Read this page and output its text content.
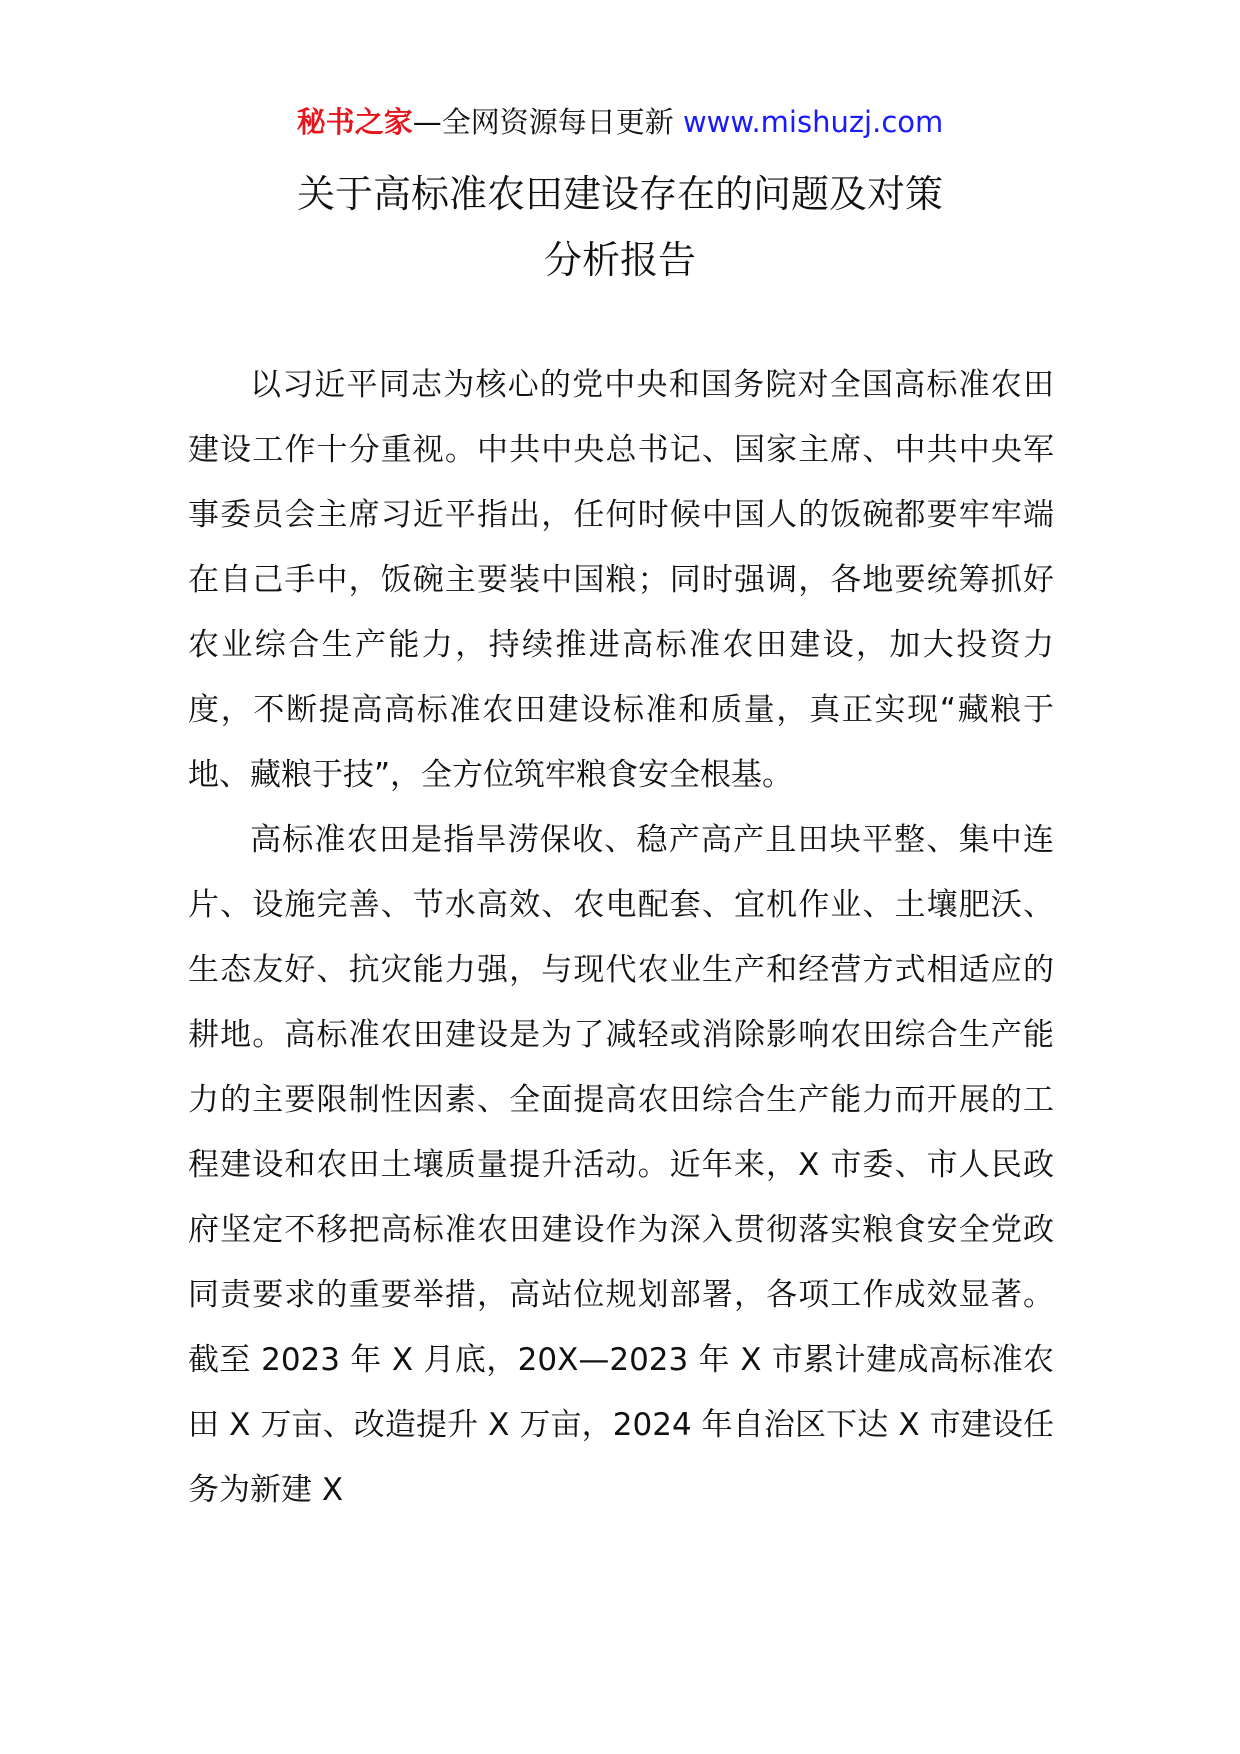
秘书之家—全网资源每日更新 www.mishuzj.com
关于高标准农田建设存在的问题及对策
分析报告

以习近平同志为核心的党中央和国务院对全国高标准农田建设工作十分重视。中共中央总书记、国家主席、中共中央军事委员会主席习近平指出，任何时候中国人的饭碗都要牢牢端在自己手中，饭碗主要装中国粮；同时强调，各地要统筹抓好农业综合生产能力，持续推进高标准农田建设，加大投资力度，不断提高高标准农田建设标准和质量，真正实现“藏粮于地、藏粮于技”，全方位筑牢粮食安全根基。

高标准农田是指旱涝保收、稳产高产且田块平整、集中连片、设施完善、节水高效、农电配套、宜机作业、土壤肥沃、生态友好、抗灾能力强，与现代农业生产和经营方式相适应的耕地。高标准农田建设是为了减轻或消除影响农田综合生产能力的主要限制性因素、全面提高农田综合生产能力而开展的工程建设和农田土壤质量提升活动。近年来，X 市委、市人民政府坚定不移把高标准农田建设作为深入贯彻落实粮食安全党政同责要求的重要举措，高站位规划部署，各项工作成效显著。截至 2023 年 X 月底，20X—2023 年 X 市累计建成高标准农田 X 万亩、改造提升 X 万亩，2024 年自治区下达 X 市建设任务为新建 X
